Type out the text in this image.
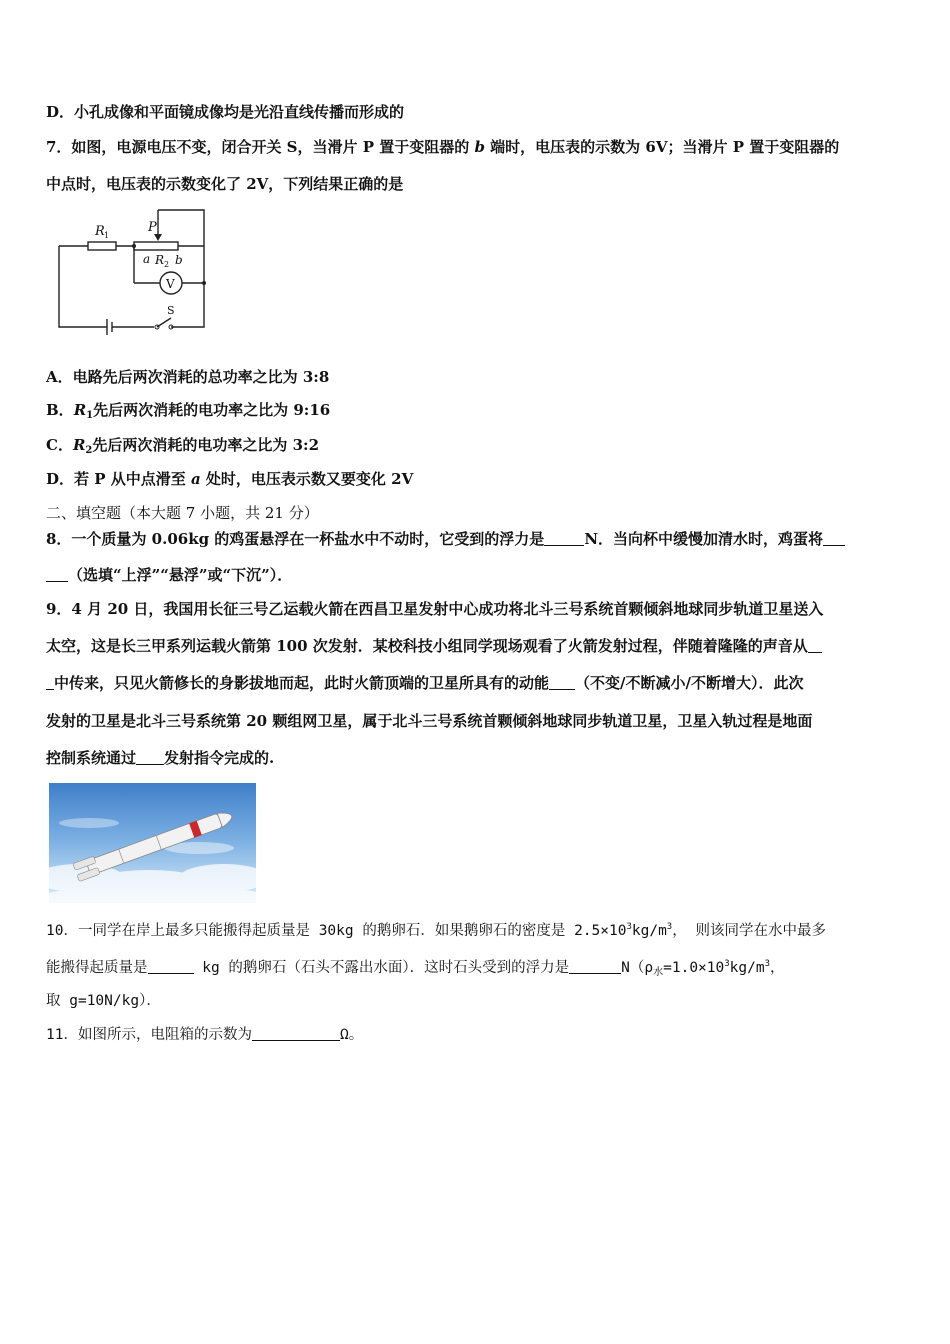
D．小孔成像和平面镜成像均是光沿直线传播而形成的
7．如图，电源电压不变，闭合开关 S，当滑片 P 置于变阻器的 b 端时，电压表的示数为 6V；当滑片 P 置于变阻器的
中点时，电压表的示数变化了 2V，下列结果正确的是
R 1
P
a R 2 b
V
S
A．电路先后两次消耗的总功率之比为 3:8
B．$R_1$先后两次消耗的电功率之比为 9:16
C．$R_2$先后两次消耗的电功率之比为 3:2
D．若 P 从中点滑至 a 处时，电压表示数又要变化 2V
二、填空题（本大题 7 小题，共 21 分）
8．一个质量为 0.06kg 的鸡蛋悬浮在一杯盐水中不动时，它受到的浮力是	N．当向杯中缓慢加清水时，鸡蛋将
（选填“上浮”“悬浮”或“下沉”）．
9．4 月 20 日，我国用长征三号乙运载火箭在西昌卫星发射中心成功将北斗三号系统首颗倾斜地球同步轨道卫星送入
太空，这是长三甲系列运载火箭第 100 次发射．某校科技小组同学现场观看了火箭发射过程，伴随着隆隆的声音从
中传来，只见火箭修长的身影拔地而起，此时火箭顶端的卫星所具有的动能 （不变/不断减小/不断增大）．此次
发射的卫星是北斗三号系统第 20 颗组网卫星，属于北斗三号系统首颗倾斜地球同步轨道卫星，卫星入轨过程是地面
控制系统通过 发射指令完成的.
10．一同学在岸上最多只能搬得起质量是 30kg 的鹅卵石．如果鹅卵石的密度是 $2.5\times 10^3kg/m^3$， 则该同学在水中最多
能搬得起质量是	kg 的鹅卵石（石头不露出水面）．这时石头受到的浮力是	$N(\rho_水=1.0\times 10^3kg/m^3$，
取 g=10N/kg）．
11．如图所示，电阻箱的示数为	Ω。
